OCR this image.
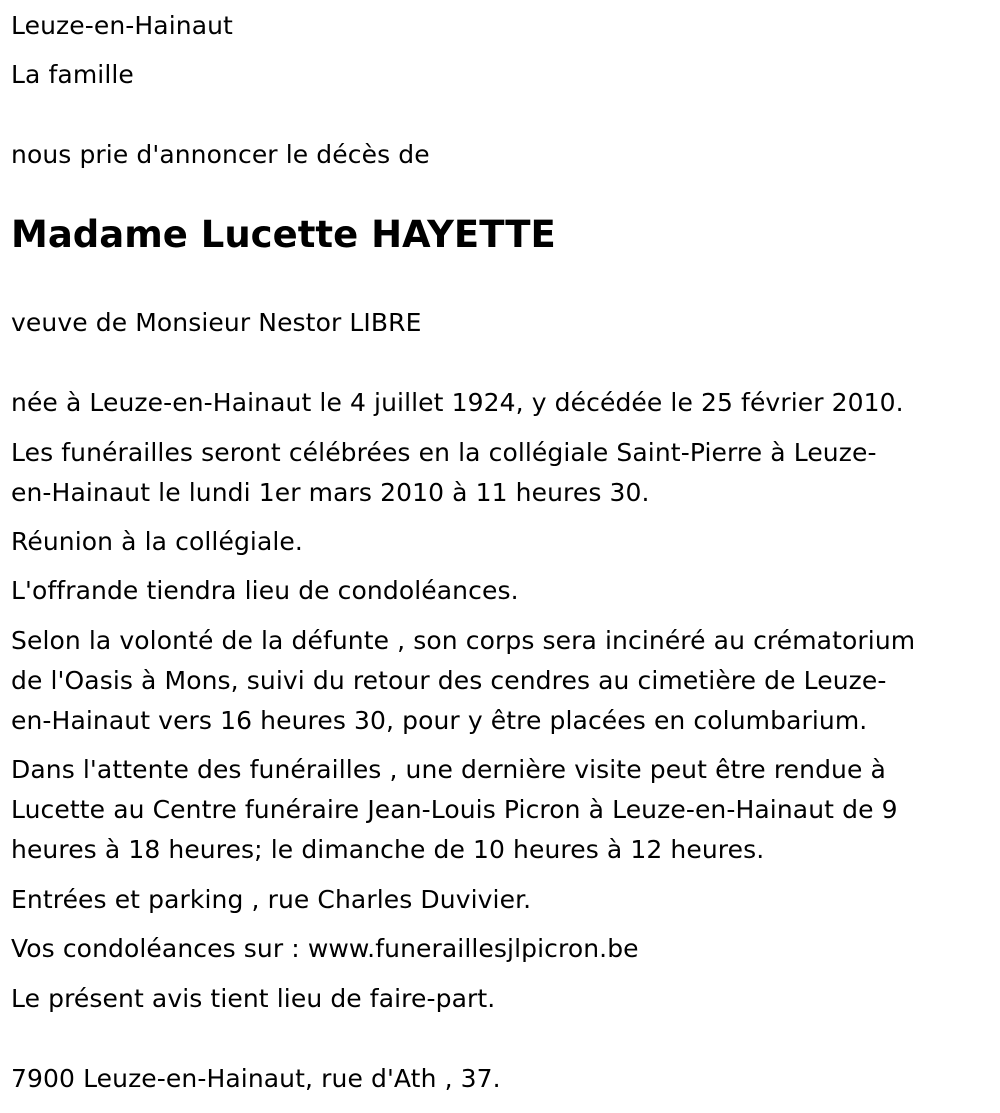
Leuze-en-Hainaut

La famille

nous prie d'annoncer le décès de

Madame Lucette HAYETTE

veuve de Monsieur Nestor LIBRE

née à Leuze-en-Hainaut le 4 juillet 1924, y décédée le 25 février 2010.

Les funérailles seront célébrées en la collégiale Saint-Pierre à Leuze-

en-Hainaut le lundi 1er mars 2010 à 11 heures 30.

Réunion à la collégiale.

L'offrande tiendra lieu de condoléances.

Selon la volonté de la défunte , son corps sera incinéré au crématorium

de l'Oasis à Mons, suivi du retour des cendres au cimetière de Leuze-

en-Hainaut vers 16 heures 30, pour y être placées en columbarium.

Dans l'attente des funérailles , une dernière visite peut être rendue à

Lucette au Centre funéraire Jean-Louis Picron à Leuze-en-Hainaut de 9

heures à 18 heures; le dimanche de 10 heures à 12 heures.

Entrées et parking , rue Charles Duvivier.

Vos condoléances sur : www.funeraillesjlpicron.be

Le présent avis tient lieu de faire-part.

7900 Leuze-en-Hainaut, rue d'Ath , 37.
